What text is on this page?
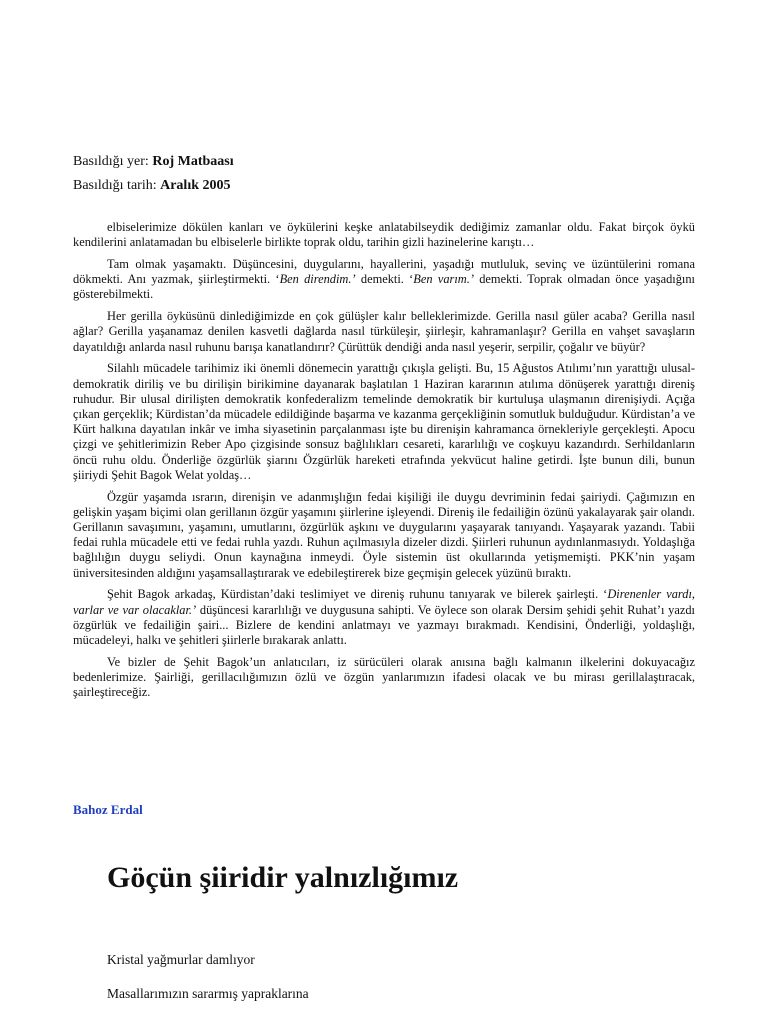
Basıldığı yer: Roj Matbaası
Basıldığı tarih: Aralık 2005

elbiselerimize dökülen kanları ve öykülerini keşke anlatabilseydik dediğimiz zamanlar oldu. Fakat birçok öykü kendilerini anlatamadan bu elbiselerle birlikte toprak oldu, tarihin gizli hazinelerine karıştı…

Tam olmak yaşamaktı. Düşüncesini, duygularını, hayallerini, yaşadığı mutluluk, sevinç ve üzüntülerini romana dökmekti. Anı yazmak, şiirleştirmekti. ‘Ben direndim.’ demekti. ‘Ben varım.’ demekti. Toprak olmadan önce yaşadığını gösterebilmekti.

Her gerilla öyküsünü dinlediğimizde en çok gülüşler kalır belleklerimizde. Gerilla nasıl güler acaba? Gerilla nasıl ağlar? Gerilla yaşanamaz denilen kasvetli dağlarda nasıl türküleşir, şiirleşir, kahramanlaşır? Gerilla en vahşet savaşların dayatıldığı anlarda nasıl ruhunu barışa kanatlandırır? Çürüttük dendiği anda nasıl yeşerir, serpilir, çoğalır ve büyür?

Silahlı mücadele tarihimiz iki önemli dönemecin yarattığı çıkışla gelişti. Bu, 15 Ağustos Atılımı’nın yarattığı ulusal-demokratik diriliş ve bu dirilişin birikimine dayanarak başlatılan 1 Haziran kararının atılıma dönüşerek yarattığı direniş ruhudur. Bir ulusal dirilişten demokratik konfederalizm temelinde demokratik bir kurtuluşa ulaşmanın direnişiydi. Açığa çıkan gerçeklik; Kürdistan’da mücadele edildiğinde başarma ve kazanma gerçekliğinin somutluk bulduğudur. Kürdistan’a ve Kürt halkına dayatılan inkâr ve imha siyasetinin parçalanması işte bu direnişin kahramanca örnekleriyle gerçekleşti. Apocu çizgi ve şehitlerimizin Reber Apo çizgisinde sonsuz bağlılıkları cesareti, kararlılığı ve coşkuyu kazandırdı. Serhildanların öncü ruhu oldu. Önderliğe özgürlük şiarını Özgürlük hareketi etrafında yekvücut haline getirdi. İşte bunun dili, bunun şiiriydi Şehit Bagok Welat yoldaş…

Özgür yaşamda ısrarın, direnişin ve adanmışlığın fedai kişiliği ile duygu devriminin fedai şairiydi. Çağımızın en gelişkin yaşam biçimi olan gerillanın özgür yaşamını şiirlerine işleyendi. Direniş ile fedailiğin özünü yakalayarak şair olandı. Gerillanın savaşımını, yaşamını, umutlarını, özgürlük aşkını ve duygularını yaşayarak tanıyandı. Yaşayarak yazandı. Tabii fedai ruhla mücadele etti ve fedai ruhla yazdı. Ruhun açılmasıyla dizeler dizdi. Şiirleri ruhunun aydınlanmasıydı. Yoldaşlığa bağlılığın duygu seliydi. Onun kaynağına inmeydi. Öyle sistemin üst okullarında yetişmemişti. PKK’nin yaşam üniversitesinden aldığını yaşamsallaştırarak ve edebileştirerek bize geçmişin gelecek yüzünü bıraktı.

Şehit Bagok arkadaş, Kürdistan’daki teslimiyet ve direniş ruhunu tanıyarak ve bilerek şairleşti. ‘Direnenler vardı, varlar ve var olacaklar.’ düşüncesi kararlılığı ve duygusuna sahipti. Ve öylece son olarak Dersim şehidi şehit Ruhat’ı yazdı özgürlük ve fedailiğin şairi... Bizlere de kendini anlatmayı ve yazmayı bırakmadı. Kendisini, Önderliği, yoldaşlığı, mücadeleyi, halkı ve şehitleri şiirlerle bırakarak anlattı.

Ve bizler de Şehit Bagok’un anlatıcıları, iz sürücüleri olarak anısına bağlı kalmanın ilkelerini dokuyacağız bedenlerimize. Şairliği, gerillacılığımızın özlü ve özgün yanlarımızın ifadesi olacak ve bu mirası gerillalaştıracak, şairleştireceğiz.

Bahoz Erdal
Göçün şiiridir yalnızlığımız
Kristal yağmurlar damlıyor
Masallarımızın sararmış yapraklarına
